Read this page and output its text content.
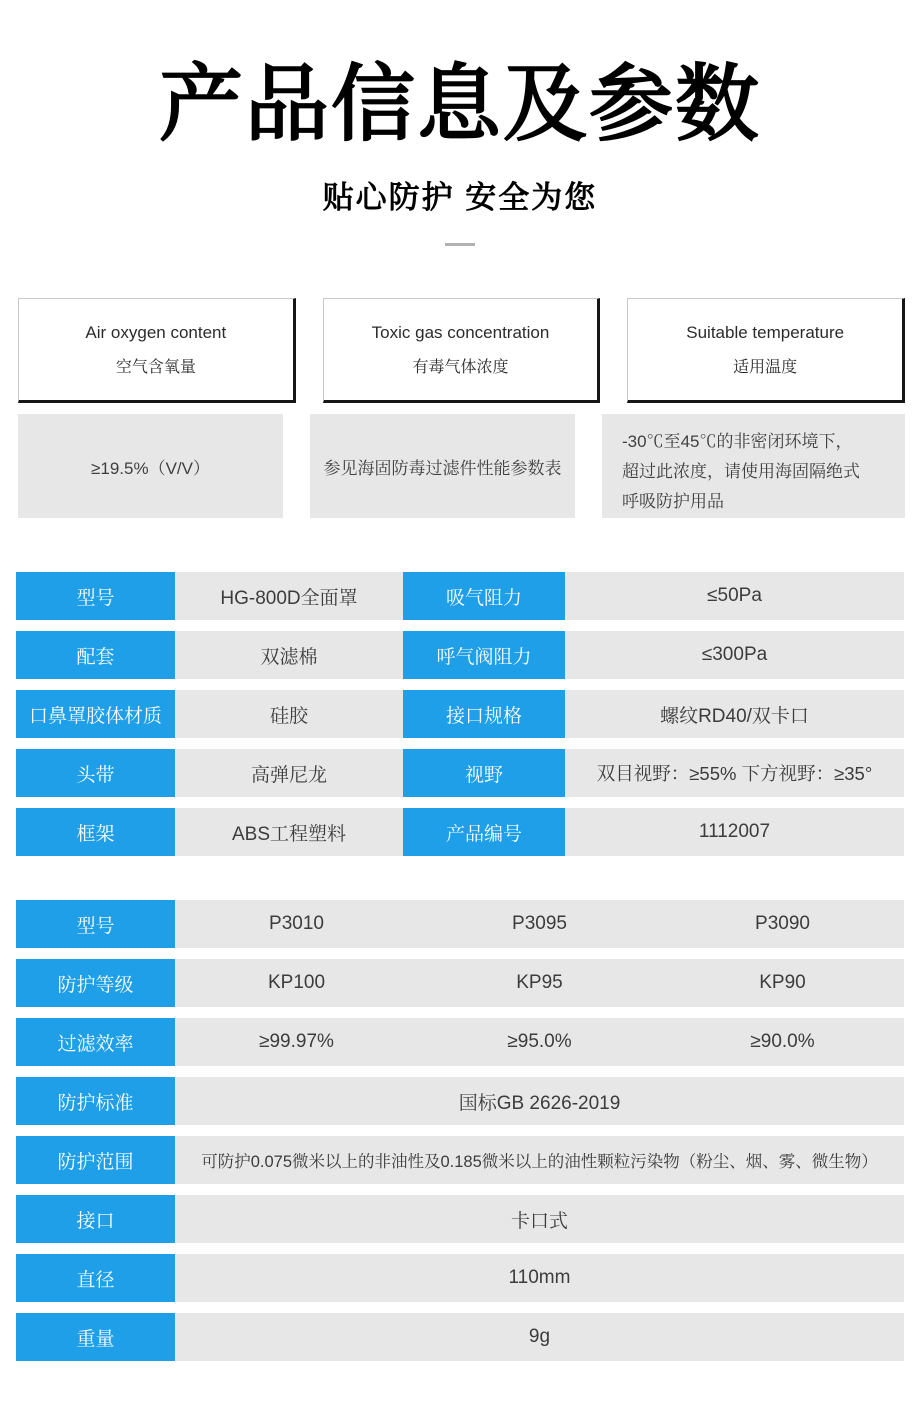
产品信息及参数
贴心防护 安全为您
Air oxygen content
空气含氧量
Toxic gas concentration
有毒气体浓度
Suitable temperature
适用温度
≥19.5%（V/V）	参见海固防毒过滤件性能参数表
-30℃至45℃的非密闭环境下，
超过此浓度，请使用海固隔绝式
呼吸防护用品
型号	HG-800D全面罩	吸气阻力	≤50Pa
配套	双滤棉	呼气阀阻力	≤300Pa
口鼻罩胶体材质	硅胶	接口规格	螺纹RD40/双卡口
头带	高弹尼龙	视野	双目视野：≥55% 下方视野：≥35°
框架	ABS工程塑料	产品编号	1112007
型号	P3010	P3095	P3090
防护等级	KP100	KP95	KP90
过滤效率	≥99.97%	≥95.0%	≥90.0%
防护标准	国标GB 2626-2019
防护范围	可防护0.075微米以上的非油性及0.185微米以上的油性颗粒污染物（粉尘、烟、雾、微生物）
接口	卡口式
直径	110mm
重量	9g
